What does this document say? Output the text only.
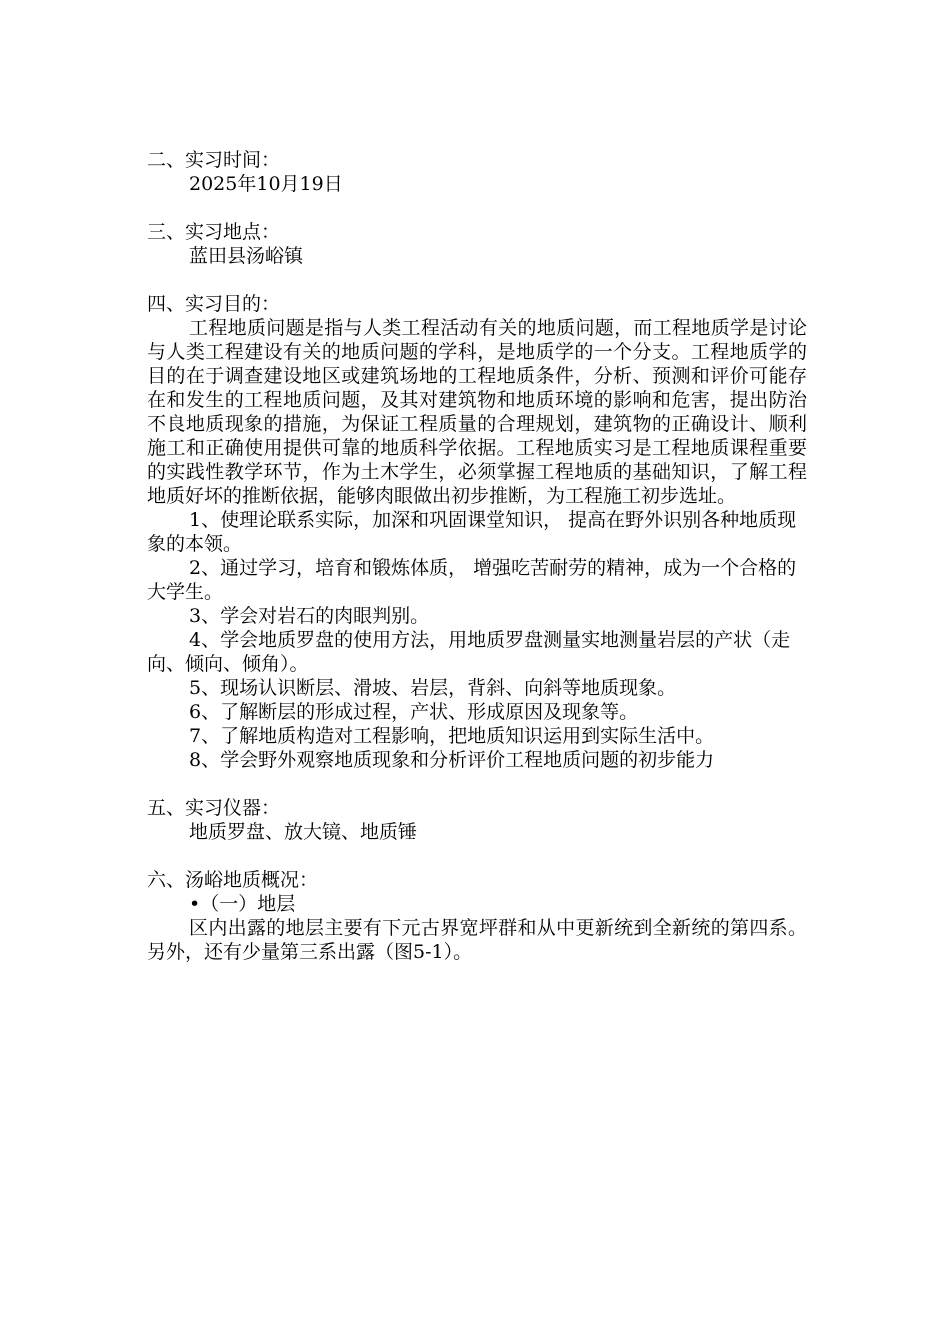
二、实习时间：
2025年10月19日
三、实习地点：
蓝田县汤峪镇
四、实习目的：

工程地质问题是指与人类工程活动有关的地质问题，而工程地质学是讨论与人类工程建设有关的地质问题的学科，是地质学的一个分支。工程地质学的目的在于调查建设地区或建筑场地的工程地质条件，分析、预测和评价可能存在和发生的工程地质问题，及其对建筑物和地质环境的影响和危害，提出防治不良地质现象的措施，为保证工程质量的合理规划，建筑物的正确设计、顺利施工和正确使用提供可靠的地质科学依据。工程地质实习是工程地质课程重要的实践性教学环节，作为土木学生，必须掌握工程地质的基础知识，了解工程地质好坏的推断依据，能够肉眼做出初步推断，为工程施工初步选址。

1、使理论联系实际，加深和巩固课堂知识， 提高在野外识别各种地质现象的本领。

2、通过学习，培育和锻炼体质， 增强吃苦耐劳的精神，成为一个合格的大学生。

3、学会对岩石的肉眼判别。

4、学会地质罗盘的使用方法，用地质罗盘测量实地测量岩层的产状（走向、倾向、倾角）。

5、现场认识断层、滑坡、岩层，背斜、向斜等地质现象。

6、了解断层的形成过程，产状、形成原因及现象等。

7、了解地质构造对工程影响，把地质知识运用到实际生活中。

8、学会野外观察地质现象和分析评价工程地质问题的初步能力

五、实习仪器：
地质罗盘、放大镜、地质锤
六、汤峪地质概况：

•（一）地层

区内出露的地层主要有下元古界宽坪群和从中更新统到全新统的第四系。另外，还有少量第三系出露（图5-1）。
